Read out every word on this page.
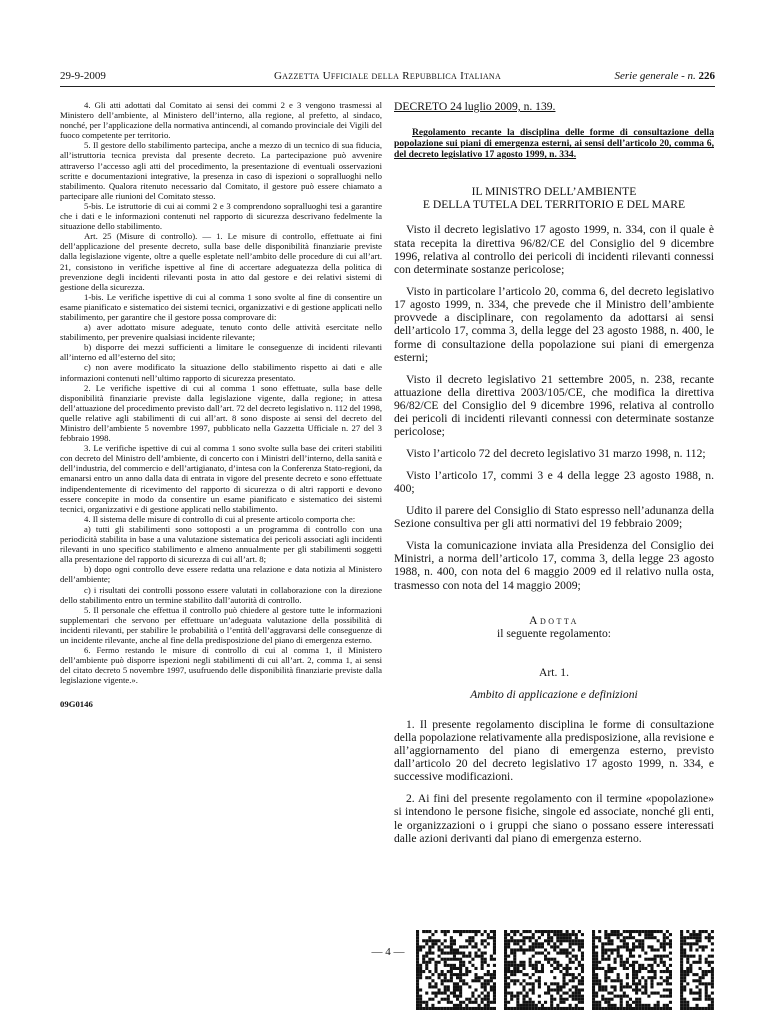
29-9-2009	Gazzetta Ufficiale della Repubblica Italiana	Serie generale - n. 226

4. Gli atti adottati dal Comitato ai sensi dei commi 2 e 3 vengono trasmessi al Ministero dell’ambiente, al Ministero dell’interno, alla regione, al prefetto, al sindaco, nonché, per l’applicazione della normativa antincendi, al comando provinciale dei Vigili del fuoco competente per territorio.

5. Il gestore dello stabilimento partecipa, anche a mezzo di un tecnico di sua fiducia, all’istruttoria tecnica prevista dal presente decreto. La partecipazione può avvenire attraverso l’accesso agli atti del procedimento, la presentazione di eventuali osservazioni scritte e documentazioni integrative, la presenza in caso di ispezioni o sopralluoghi nello stabilimento. Qualora ritenuto necessario dal Comitato, il gestore può essere chiamato a partecipare alle riunioni del Comitato stesso.

5-bis. Le istruttorie di cui ai commi 2 e 3 comprendono sopralluoghi tesi a garantire che i dati e le informazioni contenuti nel rapporto di sicurezza descrivano fedelmente la situazione dello stabilimento.

Art. 25 (Misure di controllo). — 1. Le misure di controllo, effettuate ai fini dell’applicazione del presente decreto, sulla base delle disponibilità finanziarie previste dalla legislazione vigente, oltre a quelle espletate nell’ambito delle procedure di cui all’art. 21, consistono in verifiche ispettive al fine di accertare adeguatezza della politica di prevenzione degli incidenti rilevanti posta in atto dal gestore e dei relativi sistemi di gestione della sicurezza.

1-bis. Le verifiche ispettive di cui al comma 1 sono svolte al fine di consentire un esame pianificato e sistematico dei sistemi tecnici, organizzativi e di gestione applicati nello stabilimento, per garantire che il gestore possa comprovare di:

a) aver adottato misure adeguate, tenuto conto delle attività esercitate nello stabilimento, per prevenire qualsiasi incidente rilevante;

b) disporre dei mezzi sufficienti a limitare le conseguenze di incidenti rilevanti all’interno ed all’esterno del sito;

c) non avere modificato la situazione dello stabilimento rispetto ai dati e alle informazioni contenuti nell’ultimo rapporto di sicurezza presentato.

2. Le verifiche ispettive di cui al comma 1 sono effettuate, sulla base delle disponibilità finanziarie previste dalla legislazione vigente, dalla regione; in attesa dell’attuazione del procedimento previsto dall’art. 72 del decreto legislativo n. 112 del 1998, quelle relative agli stabilimenti di cui all’art. 8 sono disposte ai sensi del decreto del Ministro dell’ambiente 5 novembre 1997, pubblicato nella Gazzetta Ufficiale n. 27 del 3 febbraio 1998.

3. Le verifiche ispettive di cui al comma 1 sono svolte sulla base dei criteri stabiliti con decreto del Ministro dell’ambiente, di concerto con i Ministri dell’interno, della sanità e dell’industria, del commercio e dell’artigianato, d’intesa con la Conferenza Stato-regioni, da emanarsi entro un anno dalla data di entrata in vigore del presente decreto e sono effettuate indipendentemente di ricevimento del rapporto di sicurezza o di altri rapporti e devono essere concepite in modo da consentire un esame pianificato e sistematico dei sistemi tecnici, organizzativi e di gestione applicati nello stabilimento.

4. Il sistema delle misure di controllo di cui al presente articolo comporta che:

a) tutti gli stabilimenti sono sottoposti a un programma di controllo con una periodicità stabilita in base a una valutazione sistematica dei pericoli associati agli incidenti rilevanti in uno specifico stabilimento e almeno annualmente per gli stabilimenti soggetti alla presentazione del rapporto di sicurezza di cui all’art. 8;

b) dopo ogni controllo deve essere redatta una relazione e data notizia al Ministero dell’ambiente;

c) i risultati dei controlli possono essere valutati in collaborazione con la direzione dello stabilimento entro un termine stabilito dall’autorità di controllo.

5. Il personale che effettua il controllo può chiedere al gestore tutte le informazioni supplementari che servono per effettuare un’adeguata valutazione della possibilità di incidenti rilevanti, per stabilire le probabilità o l’entità dell’aggravarsi delle conseguenze di un incidente rilevante, anche al fine della predisposizione del piano di emergenza esterno.

6. Fermo restando le misure di controllo di cui al comma 1, il Ministero dell’ambiente può disporre ispezioni negli stabilimenti di cui all’art. 2, comma 1, ai sensi del citato decreto 5 novembre 1997, usufruendo delle disponibilità finanziarie previste dalla legislazione vigente.».

09G0146

DECRETO 24 luglio 2009, n. 139.

Regolamento recante la disciplina delle forme di consultazione della popolazione sui piani di emergenza esterni, ai sensi dell’articolo 20, comma 6, del decreto legislativo 17 agosto 1999, n. 334.

IL MINISTRO DELL’AMBIENTE
E DELLA TUTELA DEL TERRITORIO E DEL MARE

Visto il decreto legislativo 17 agosto 1999, n. 334, con il quale è stata recepita la direttiva 96/82/CE del Consiglio del 9 dicembre 1996, relativa al controllo dei pericoli di incidenti rilevanti connessi con determinate sostanze pericolose;

Visto in particolare l’articolo 20, comma 6, del decreto legislativo 17 agosto 1999, n. 334, che prevede che il Ministro dell’ambiente provvede a disciplinare, con regolamento da adottarsi ai sensi dell’articolo 17, comma 3, della legge del 23 agosto 1988, n. 400, le forme di consultazione della popolazione sui piani di emergenza esterni;

Visto il decreto legislativo 21 settembre 2005, n. 238, recante attuazione della direttiva 2003/105/CE, che modifica la direttiva 96/82/CE del Consiglio del 9 dicembre 1996, relativa al controllo dei pericoli di incidenti rilevanti connessi con determinate sostanze pericolose;

Visto l’articolo 72 del decreto legislativo 31 marzo 1998, n. 112;

Visto l’articolo 17, commi 3 e 4 della legge 23 agosto 1988, n. 400;

Udito il parere del Consiglio di Stato espresso nell’adunanza della Sezione consultiva per gli atti normativi del 19 febbraio 2009;

Vista la comunicazione inviata alla Presidenza del Consiglio dei Ministri, a norma dell’articolo 17, comma 3, della legge 23 agosto 1988, n. 400, con nota del 6 maggio 2009 ed il relativo nulla osta, trasmesso con nota del 14 maggio 2009;

Adotta

il seguente regolamento:

Art. 1.

Ambito di applicazione e definizioni

1. Il presente regolamento disciplina le forme di consultazione della popolazione relativamente alla predisposizione, alla revisione e all’aggiornamento del piano di emergenza esterno, previsto dall’articolo 20 del decreto legislativo 17 agosto 1999, n. 334, e successive modificazioni.

2. Ai fini del presente regolamento con il termine «popolazione» si intendono le persone fisiche, singole ed associate, nonché gli enti, le organizzazioni o i gruppi che siano o possano essere interessati dalle azioni derivanti dal piano di emergenza esterno.

— 4 —
